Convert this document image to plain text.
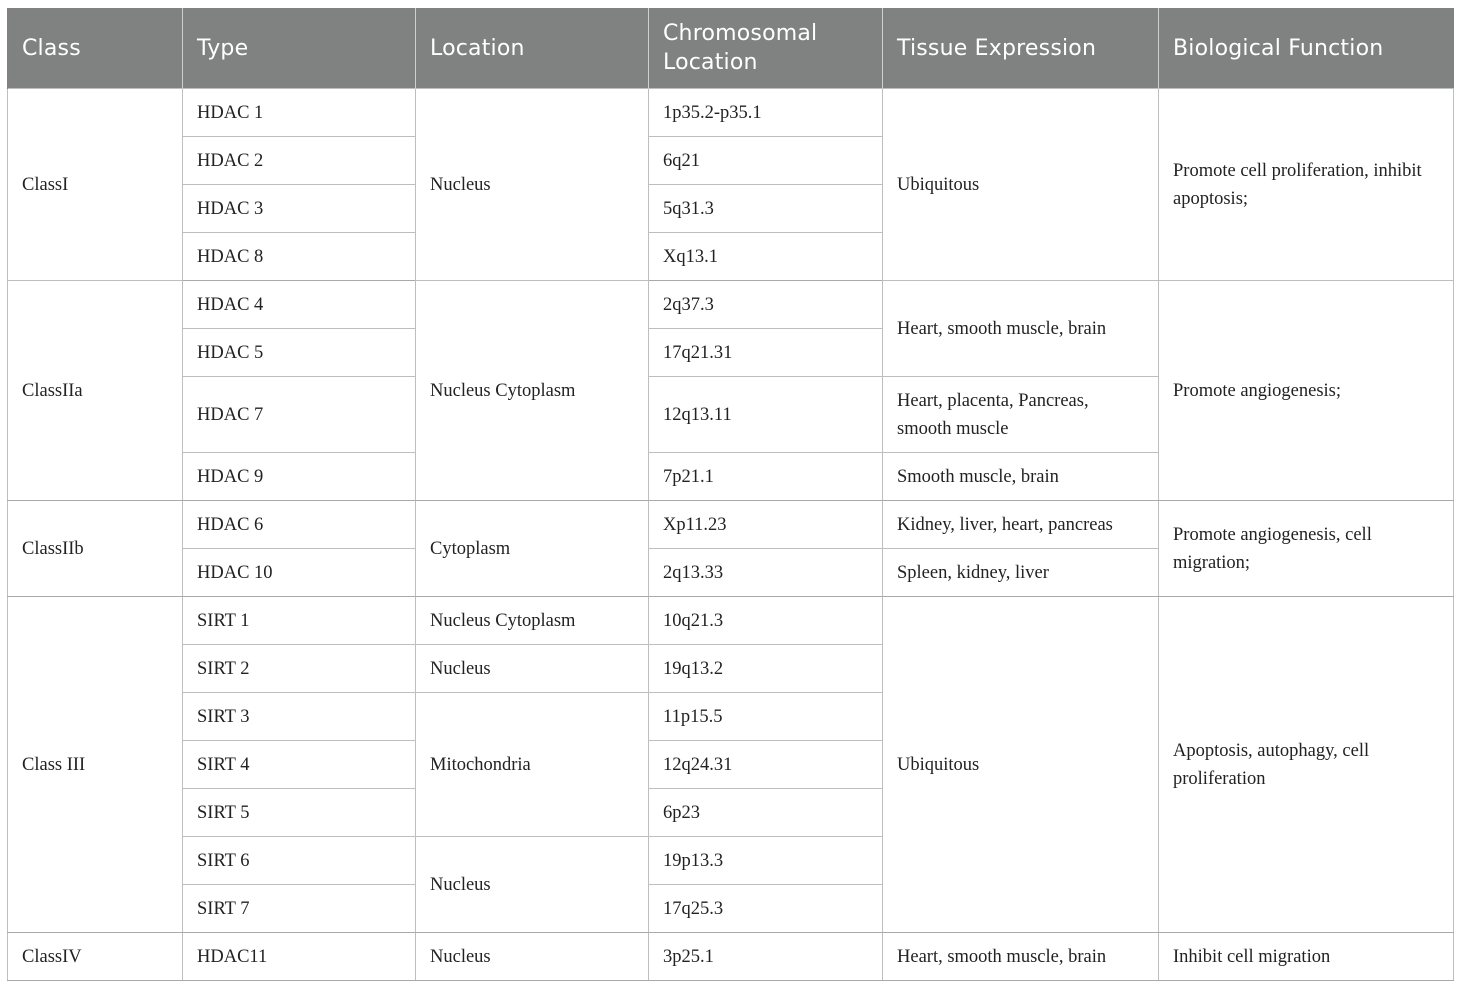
Class	Type	Location	Chromosomal Location	Tissue Expression	Biological Function
ClassI	HDAC 1	Nucleus	1p35.2-p35.1	Ubiquitous	Promote cell proliferation, inhibit apoptosis;
	HDAC 2		6q21		
	HDAC 3		5q31.3		
	HDAC 8		Xq13.1		
ClassIIa	HDAC 4	Nucleus Cytoplasm	2q37.3	Heart, smooth muscle, brain	Promote angiogenesis;
	HDAC 5		17q21.31		
	HDAC 7		12q13.11	Heart, placenta, Pancreas, smooth muscle	
	HDAC 9		7p21.1	Smooth muscle, brain	
ClassIIb	HDAC 6	Cytoplasm	Xp11.23	Kidney, liver, heart, pancreas	Promote angiogenesis, cell migration;
	HDAC 10		2q13.33	Spleen, kidney, liver	
Class III	SIRT 1	Nucleus Cytoplasm	10q21.3	Ubiquitous	Apoptosis, autophagy, cell proliferation
	SIRT 2	Nucleus	19q13.2		
	SIRT 3	Mitochondria	11p15.5		
	SIRT 4		12q24.31		
	SIRT 5		6p23		
	SIRT 6	Nucleus	19p13.3		
	SIRT 7		17q25.3		
ClassIV	HDAC11	Nucleus	3p25.1	Heart, smooth muscle, brain	Inhibit cell migration
